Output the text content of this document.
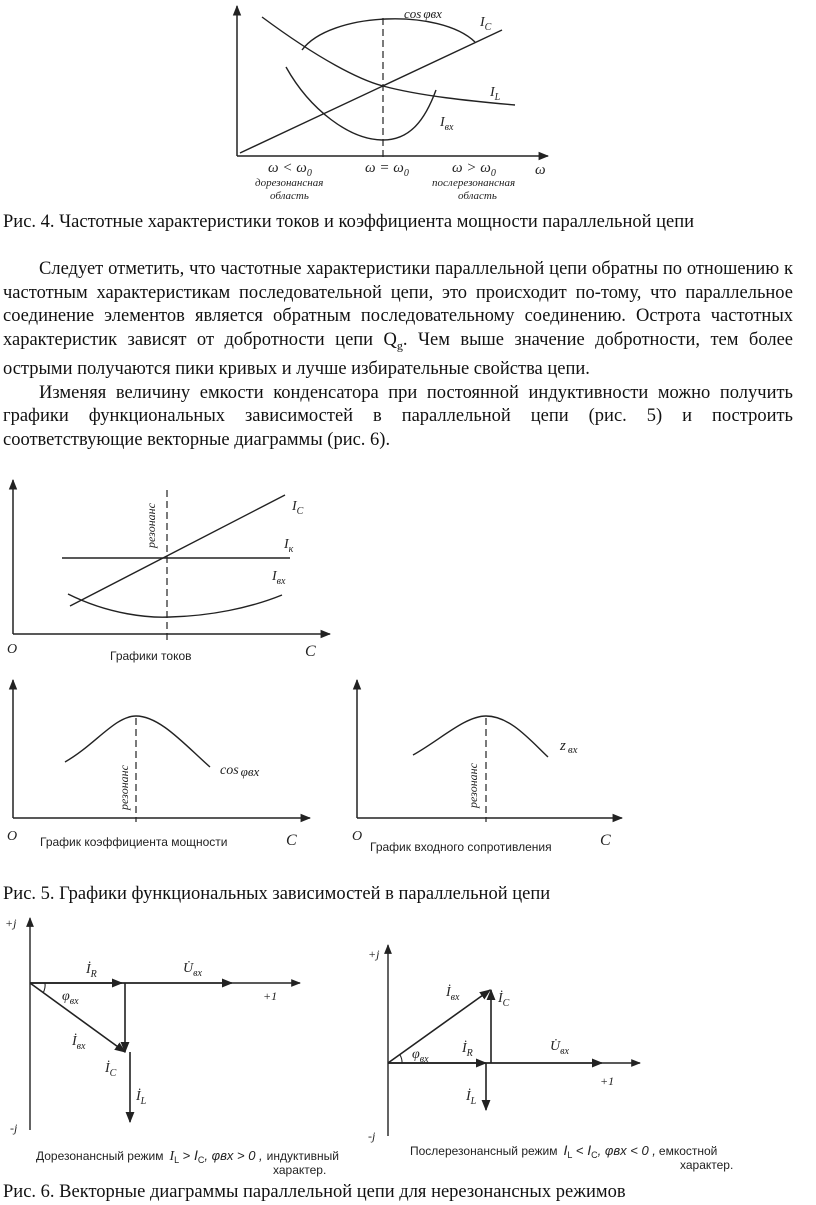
cos φвх
$I_C$
$I_L$
$I_{вх}$
ω
$\omega < \omega_0$	$\omega = \omega_0$	$\omega > \omega_0$
дорезонансная
область
послерезонансная
область
Рис. 4. Частотные характеристики токов и коэффициента мощности параллельной цепи

Следует отметить, что частотные характеристики параллельной цепи обратны по отношению к частотным характеристикам последовательной цепи, это происходит по-тому, что параллельное соединение элементов является обратным последовательному соединению. Острота частотных характеристик зависят от добротности цепи $Q_g$. Чем выше значение добротности, тем более острыми получаются пики кривых и лучше избирательные свойства цепи.

Изменяя величину емкости конденсатора при постоянной индуктивности можно получить графики функциональных зависимостей в параллельной цепи (рис. 5) и построить соответствующие векторные диаграммы (рис. 6).

резонанс	$I_C$
$I_к$
$I_{вх}$
O	C
Графики токов
резонанс	cos φвх
O	C
График коэффициента мощности
резонанс
z $_{вх}$
O	C
График входного сопротивления
Рис. 5. Графики функциональных зависимостей в параллельной цепи
+j
-j
+1
$İ_R$	$U̇_{вх}$
$\varphi_{вх}$
$İ_{вх}$
$İ_C$
$İ_L$
Дорезонансный режим $I_L > I_C$, φвх > 0 , индуктивный
характер.
+j
-j
+1
$İ_R$	$U̇_{вх}$
$\varphi_{вх}$
$İ_{вх}$	$İ_C$
$İ_L$
Послерезонансный режим $I_L < I_C$, φвх < 0 , емкостной
характер.
Рис. 6. Векторные диаграммы параллельной цепи для нерезонансных режимов
